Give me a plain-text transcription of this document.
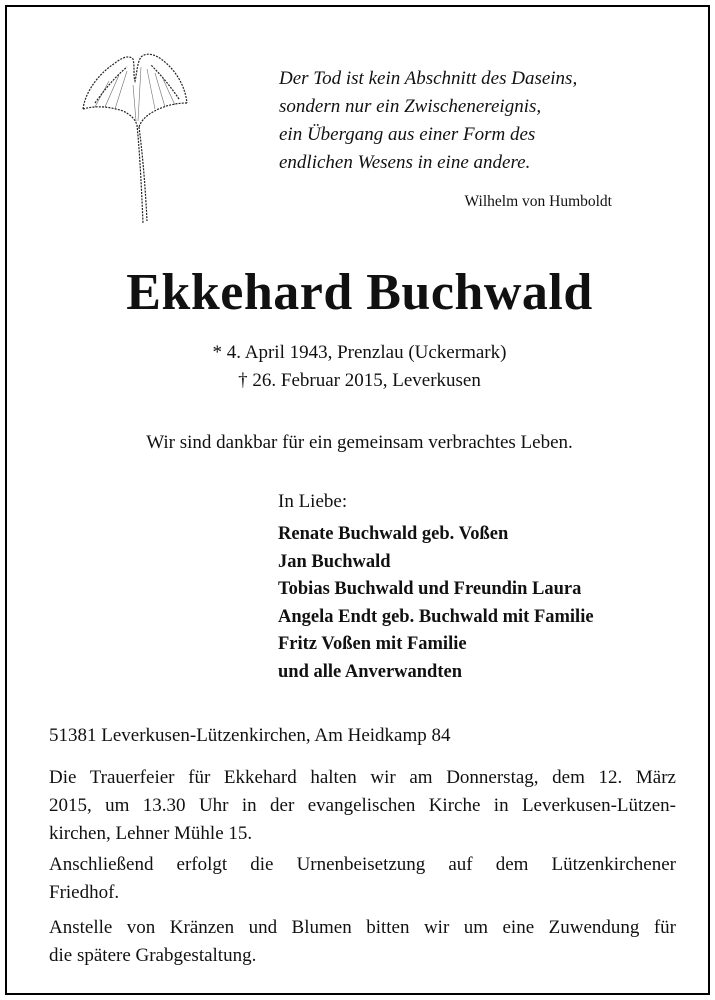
Der Tod ist kein Abschnitt des Daseins,
sondern nur ein Zwischenereignis,
ein Übergang aus einer Form des
endlichen Wesens in eine andere.
Wilhelm von Humboldt
Ekkehard Buchwald
* 4. April 1943, Prenzlau (Uckermark)
† 26. Februar 2015, Leverkusen
Wir sind dankbar für ein gemeinsam verbrachtes Leben.
In Liebe:
Renate Buchwald geb. Voßen
Jan Buchwald
Tobias Buchwald und Freundin Laura
Angela Endt geb. Buchwald mit Familie
Fritz Voßen mit Familie
und alle Anverwandten
51381 Leverkusen-Lützenkirchen, Am Heidkamp 84
Die Trauerfeier für Ekkehard halten wir am Donnerstag, dem 12. März
2015, um 13.30 Uhr in der evangelischen Kirche in Leverkusen-Lützen-
kirchen, Lehner Mühle 15.
Anschließend erfolgt die Urnenbeisetzung auf dem Lützenkirchener
Friedhof.
Anstelle von Kränzen und Blumen bitten wir um eine Zuwendung für
die spätere Grabgestaltung.
